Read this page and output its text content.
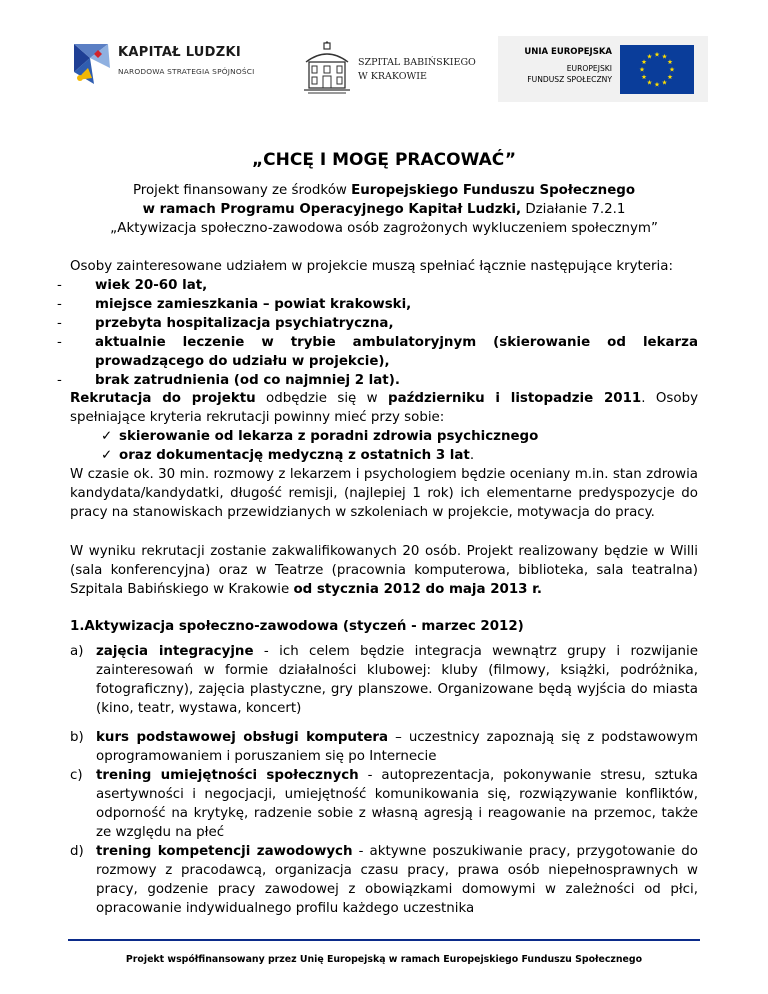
KAPITAŁ LUDZKI
NARODOWA STRATEGIA SPÓJNOŚCI
SZPITAL BABIŃSKIEGO
W KRAKOWIE
UNIA EUROPEJSKA
EUROPEJSKI
FUNDUSZ SPOŁECZNY
„CHCĘ I MOGĘ PRACOWAĆ”

Projekt finansowany ze środków Europejskiego Funduszu Społecznego

w ramach Programu Operacyjnego Kapitał Ludzki, Działanie 7.2.1

„Aktywizacja społeczno-zawodowa osób zagrożonych wykluczeniem społecznym”

Osoby zainteresowane udziałem w projekcie muszą spełniać łącznie następujące kryteria:

- wiek 20-60 lat,
- miejsce zamieszkania – powiat krakowski,
- przebyta hospitalizacja psychiatryczna,
- aktualnie leczenie w trybie ambulatoryjnym (skierowanie od lekarza prowadzącego do udziału w projekcie),
- brak zatrudnienia (od co najmniej 2 lat).

Rekrutacja do projektu odbędzie się w październiku i listopadzie 2011. Osoby spełniające kryteria rekrutacji powinny mieć przy sobie:

✓ skierowanie od lekarza z poradni zdrowia psychicznego
✓ oraz dokumentację medyczną z ostatnich 3 lat.

W czasie ok. 30 min. rozmowy z lekarzem i psychologiem będzie oceniany m.in. stan zdrowia kandydata/kandydatki, długość remisji, (najlepiej 1 rok) ich elementarne predyspozycje do pracy na stanowiskach przewidzianych w szkoleniach w projekcie, motywacja do pracy.

W wyniku rekrutacji zostanie zakwalifikowanych 20 osób. Projekt realizowany będzie w Willi (sala konferencyjna) oraz w Teatrze (pracownia komputerowa, biblioteka, sala teatralna) Szpitala Babińskiego w Krakowie od stycznia 2012 do maja 2013 r.

1.Aktywizacja społeczno-zawodowa (styczeń - marzec 2012)

a) zajęcia integracyjne - ich celem będzie integracja wewnątrz grupy i rozwijanie zainteresowań w formie działalności klubowej: kluby (filmowy, książki, podróżnika, fotograficzny), zajęcia plastyczne, gry planszowe. Organizowane będą wyjścia do miasta (kino, teatr, wystawa, koncert)
b) kurs podstawowej obsługi komputera – uczestnicy zapoznają się z podstawowym oprogramowaniem i poruszaniem się po Internecie
c) trening umiejętności społecznych - autoprezentacja, pokonywanie stresu, sztuka asertywności i negocjacji, umiejętność komunikowania się, rozwiązywanie konfliktów, odporność na krytykę, radzenie sobie z własną agresją i reagowanie na przemoc, także ze względu na płeć
d) trening kompetencji zawodowych - aktywne poszukiwanie pracy, przygotowanie do rozmowy z pracodawcą, organizacja czasu pracy, prawa osób niepełnosprawnych w pracy, godzenie pracy zawodowej z obowiązkami domowymi w zależności od płci, opracowanie indywidualnego profilu każdego uczestnika
Projekt współfinansowany przez Unię Europejską w ramach Europejskiego Funduszu Społecznego
